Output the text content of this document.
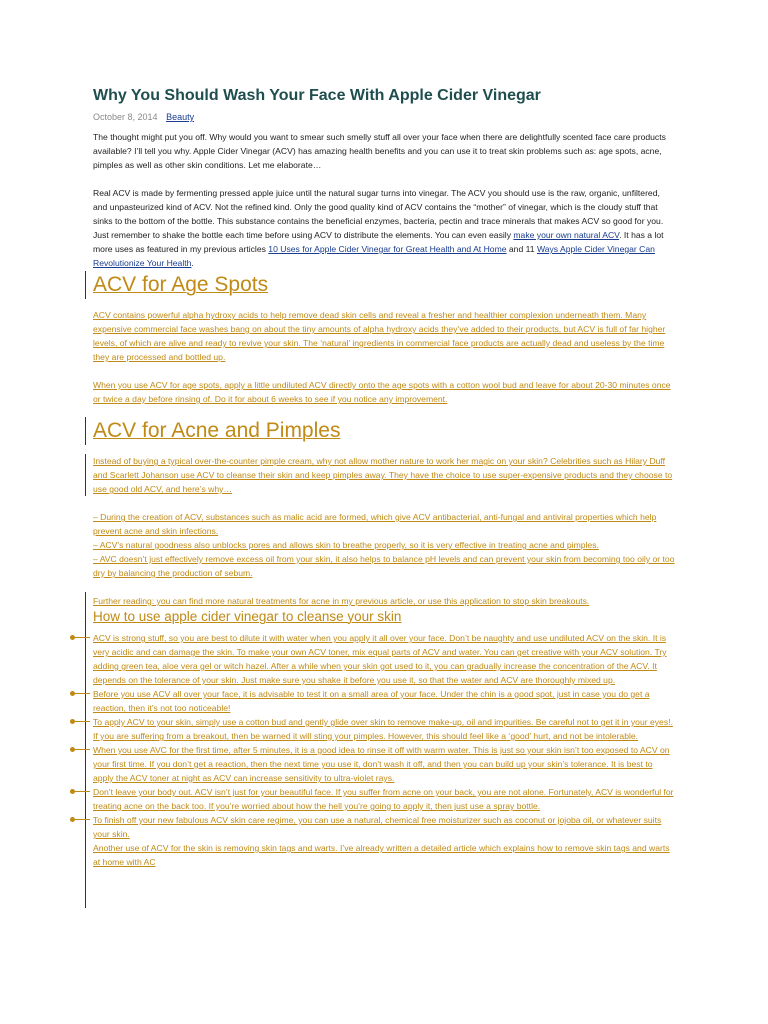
Why You Should Wash Your Face With Apple Cider Vinegar
October 8, 2014 Beauty

The thought might put you off. Why would you want to smear such smelly stuff all over your face when there are delightfully scented face care products available? I’ll tell you why. Apple Cider Vinegar (ACV) has amazing health benefits and you can use it to treat skin problems such as: age spots, acne, pimples as well as other skin conditions. Let me elaborate…

Real ACV is made by fermenting pressed apple juice until the natural sugar turns into vinegar. The ACV you should use is the raw, organic, unfiltered, and unpasteurized kind of ACV. Not the refined kind. Only the good quality kind of ACV contains the “mother” of vinegar, which is the cloudy stuff that sinks to the bottom of the bottle. This substance contains the beneficial enzymes, bacteria, pectin and trace minerals that makes ACV so good for you. Just remember to shake the bottle each time before using ACV to distribute the elements. You can even easily make your own natural ACV. It has a lot more uses as featured in my previous articles 10 Uses for Apple Cider Vinegar for Great Health and At Home and 11 Ways Apple Cider Vinegar Can Revolutionize Your Health.

ACV for Age Spots

ACV contains powerful alpha hydroxy acids to help remove dead skin cells and reveal a fresher and healthier complexion underneath them. Many expensive commercial face washes bang on about the tiny amounts of alpha hydroxy acids they’ve added to their products, but ACV is full of far higher levels, of which are alive and ready to revive your skin. The ‘natural’ ingredients in commercial face products are actually dead and useless by the time they are processed and bottled up.

When you use ACV for age spots, apply a little undiluted ACV directly onto the age spots with a cotton wool bud and leave for about 20-30 minutes once or twice a day before rinsing of. Do it for about 6 weeks to see if you notice any improvement.

ACV for Acne and Pimples

Instead of buying a typical over-the-counter pimple cream, why not allow mother nature to work her magic on your skin? Celebrities such as Hilary Duff and Scarlett Johanson use ACV to cleanse their skin and keep pimples away. They have the choice to use super-expensive products and they choose to use good old ACV, and here’s why…

– During the creation of ACV, substances such as malic acid are formed, which give ACV antibacterial, anti-fungal and antiviral properties which help prevent acne and skin infections.

– ACV’s natural goodness also unblocks pores and allows skin to breathe properly, so it is very effective in treating acne and pimples.

– AVC doesn’t just effectively remove excess oil from your skin, it also helps to balance pH levels and can prevent your skin from becoming too oily or too dry by balancing the production of sebum.

Further reading: you can find more natural treatments for acne in my previous article, or use this application to stop skin breakouts.

How to use apple cider vinegar to cleanse your skin
ACV is strong stuff, so you are best to dilute it with water when you apply it all over your face. Don’t be naughty and use undiluted ACV on the skin. It is very acidic and can damage the skin. To make your own ACV toner, mix equal parts of ACV and water. You can get creative with your ACV solution. Try adding green tea, aloe vera gel or witch hazel. After a while when your skin got used to it, you can gradually increase the concentration of the ACV. It depends on the tolerance of your skin. Just make sure you shake it before you use it, so that the water and ACV are thoroughly mixed up.
Before you use ACV all over your face, it is advisable to test it on a small area of your face. Under the chin is a good spot, just in case you do get a reaction, then it’s not too noticeable!
To apply ACV to your skin, simply use a cotton bud and gently glide over skin to remove make-up, oil and impurities. Be careful not to get it in your eyes!. If you are suffering from a breakout, then be warned it will sting your pimples. However, this should feel like a ‘good’ hurt, and not be intolerable.
When you use AVC for the first time, after 5 minutes, it is a good idea to rinse it off with warm water. This is just so your skin isn’t too exposed to ACV on your first time. If you don’t get a reaction, then the next time you use it, don’t wash it off, and then you can build up your skin’s tolerance. It is best to apply the ACV toner at night as ACV can increase sensitivity to ultra-violet rays.
Don’t leave your body out. ACV isn’t just for your beautiful face. If you suffer from acne on your back, you are not alone. Fortunately, ACV is wonderful for treating acne on the back too. If you’re worried about how the hell you’re going to apply it, then just use a spray bottle.
To finish off your new fabulous ACV skin care regime, you can use a natural, chemical free moisturizer such as coconut or jojoba oil, or whatever suits your skin.

Another use of ACV for the skin is removing skin tags and warts. I’ve already written a detailed article which explains how to remove skin tags and warts at home with AC
